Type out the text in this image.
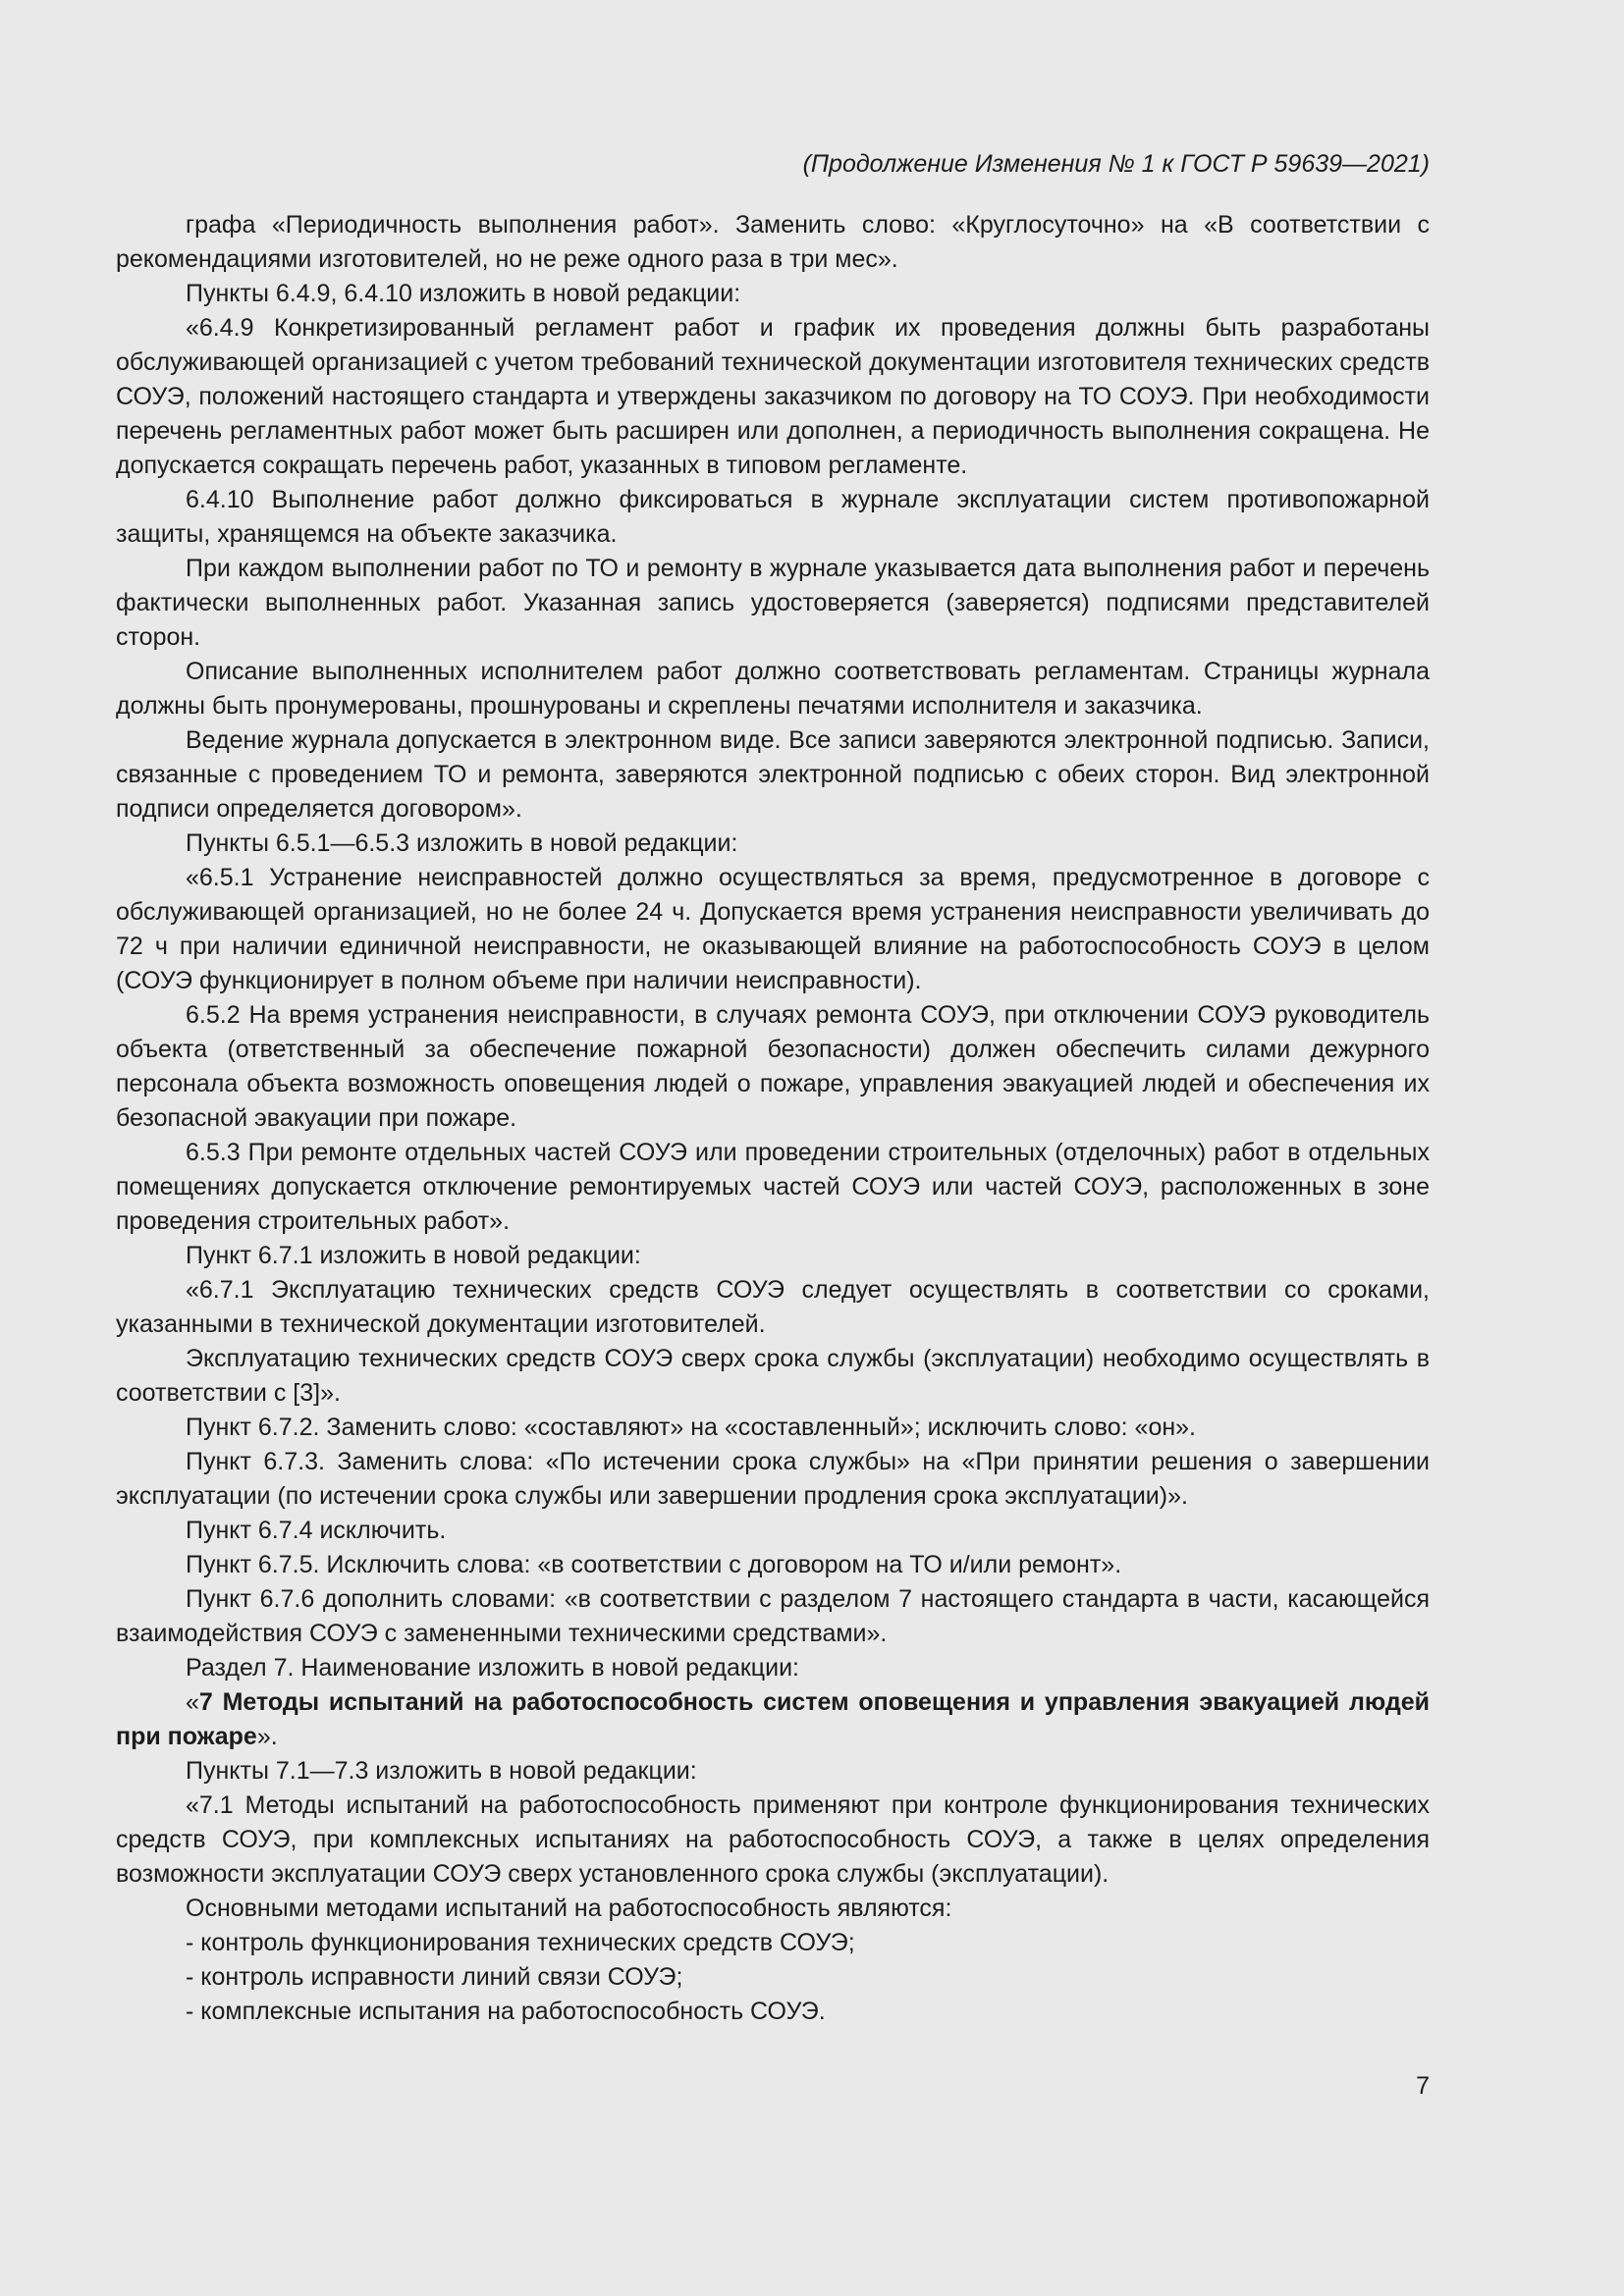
(Продолжение Изменения № 1 к ГОСТ Р 59639—2021)

графа «Периодичность выполнения работ». Заменить слово: «Круглосуточно» на «В соответствии с рекомендациями изготовителей, но не реже одного раза в три мес».

Пункты 6.4.9, 6.4.10 изложить в новой редакции:

«6.4.9 Конкретизированный регламент работ и график их проведения должны быть разработаны обслуживающей организацией с учетом требований технической документации изготовителя технических средств СОУЭ, положений настоящего стандарта и утверждены заказчиком по договору на ТО СОУЭ. При необходимости перечень регламентных работ может быть расширен или дополнен, а периодичность выполнения сокращена. Не допускается сокращать перечень работ, указанных в типовом регламенте.

6.4.10 Выполнение работ должно фиксироваться в журнале эксплуатации систем противопожарной защиты, хранящемся на объекте заказчика.

При каждом выполнении работ по ТО и ремонту в журнале указывается дата выполнения работ и перечень фактически выполненных работ. Указанная запись удостоверяется (заверяется) подписями представителей сторон.

Описание выполненных исполнителем работ должно соответствовать регламентам. Страницы журнала должны быть пронумерованы, прошнурованы и скреплены печатями исполнителя и заказчика.

Ведение журнала допускается в электронном виде. Все записи заверяются электронной подписью. Записи, связанные с проведением ТО и ремонта, заверяются электронной подписью с обеих сторон. Вид электронной подписи определяется договором».

Пункты 6.5.1—6.5.3 изложить в новой редакции:

«6.5.1 Устранение неисправностей должно осуществляться за время, предусмотренное в договоре с обслуживающей организацией, но не более 24 ч. Допускается время устранения неисправности увеличивать до 72 ч при наличии единичной неисправности, не оказывающей влияние на работоспособность СОУЭ в целом (СОУЭ функционирует в полном объеме при наличии неисправности).

6.5.2 На время устранения неисправности, в случаях ремонта СОУЭ, при отключении СОУЭ руководитель объекта (ответственный за обеспечение пожарной безопасности) должен обеспечить силами дежурного персонала объекта возможность оповещения людей о пожаре, управления эвакуацией людей и обеспечения их безопасной эвакуации при пожаре.

6.5.3 При ремонте отдельных частей СОУЭ или проведении строительных (отделочных) работ в отдельных помещениях допускается отключение ремонтируемых частей СОУЭ или частей СОУЭ, расположенных в зоне проведения строительных работ».

Пункт 6.7.1 изложить в новой редакции:

«6.7.1 Эксплуатацию технических средств СОУЭ следует осуществлять в соответствии со сроками, указанными в технической документации изготовителей.

Эксплуатацию технических средств СОУЭ сверх срока службы (эксплуатации) необходимо осуществлять в соответствии с [3]».

Пункт 6.7.2. Заменить слово: «составляют» на «составленный»; исключить слово: «он».

Пункт 6.7.3. Заменить слова: «По истечении срока службы» на «При принятии решения о завершении эксплуатации (по истечении срока службы или завершении продления срока эксплуатации)».

Пункт 6.7.4 исключить.

Пункт 6.7.5. Исключить слова: «в соответствии с договором на ТО и/или ремонт».

Пункт 6.7.6 дополнить словами: «в соответствии с разделом 7 настоящего стандарта в части, касающейся взаимодействия СОУЭ с замененными техническими средствами».

Раздел 7. Наименование изложить в новой редакции:

«7 Методы испытаний на работоспособность систем оповещения и управления эвакуацией людей при пожаре».

Пункты 7.1—7.3 изложить в новой редакции:

«7.1 Методы испытаний на работоспособность применяют при контроле функционирования технических средств СОУЭ, при комплексных испытаниях на работоспособность СОУЭ, а также в целях определения возможности эксплуатации СОУЭ сверх установленного срока службы (эксплуатации).

Основными методами испытаний на работоспособность являются:

- контроль функционирования технических средств СОУЭ;

- контроль исправности линий связи СОУЭ;

- комплексные испытания на работоспособность СОУЭ.

7
